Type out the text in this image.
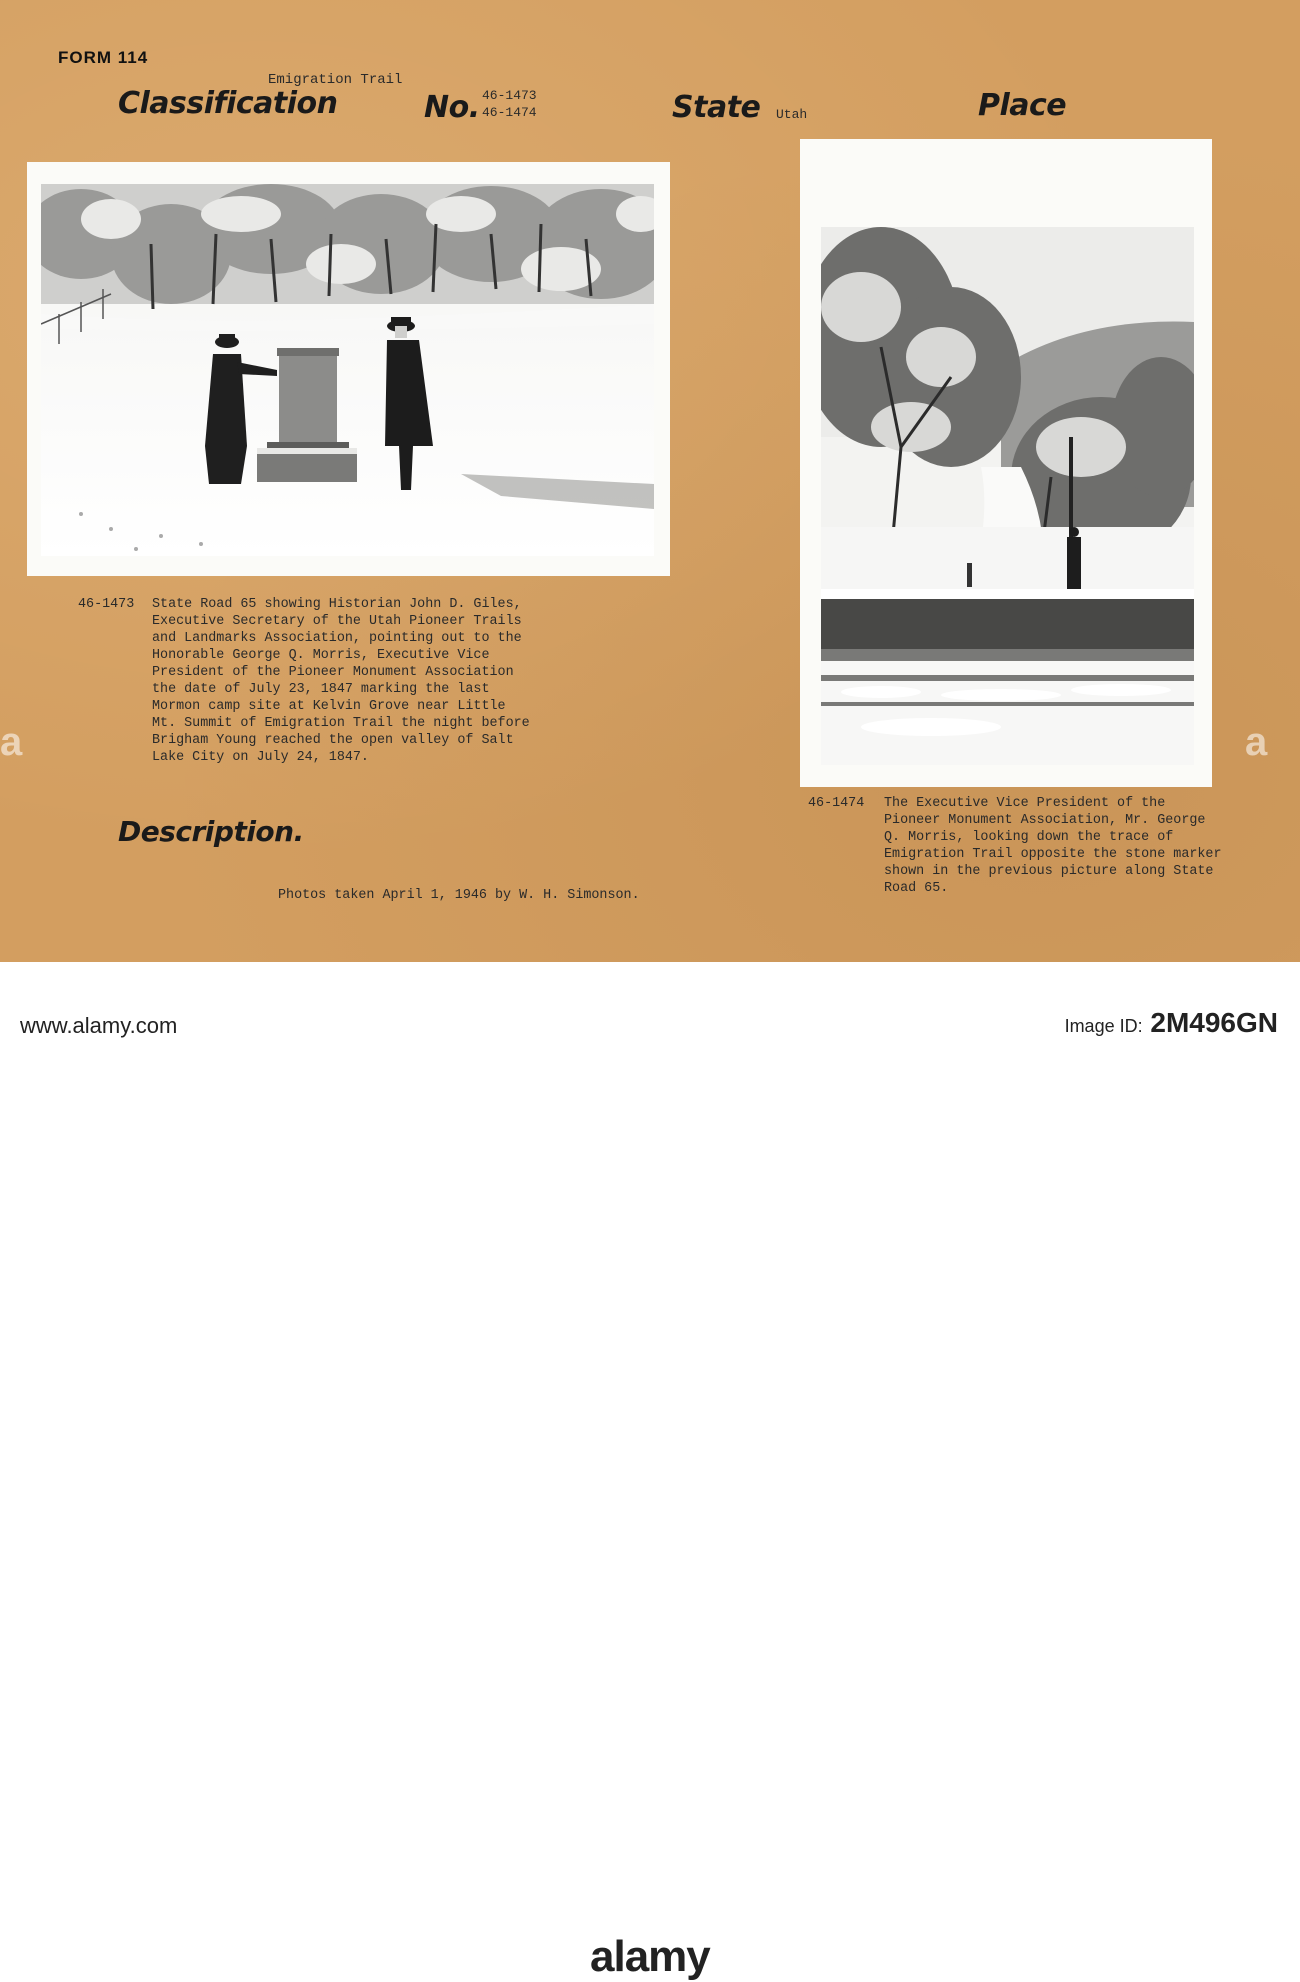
FORM 114
Emigration Trail
Classification	No. 46-1473
46-1474	State Utah	Place
46-1473 State Road 65 showing Historian John D. Giles,
Executive Secretary of the Utah Pioneer Trails
and Landmarks Association, pointing out to the
Honorable George Q. Morris, Executive Vice
President of the Pioneer Monument Association
the date of July 23, 1847 marking the last
Mormon camp site at Kelvin Grove near Little
Mt. Summit of Emigration Trail the night before
Brigham Young reached the open valley of Salt
Lake City on July 24, 1847.
46-1474 The Executive Vice President of the
Pioneer Monument Association, Mr. George
Q. Morris, looking down the trace of
Emigration Trail opposite the stone marker
shown in the previous picture along State
Road 65.
Description.
Photos taken April 1, 1946 by W. H. Simonson.
a	a
alamy
www.alamy.com	Image ID: 2M496GN
